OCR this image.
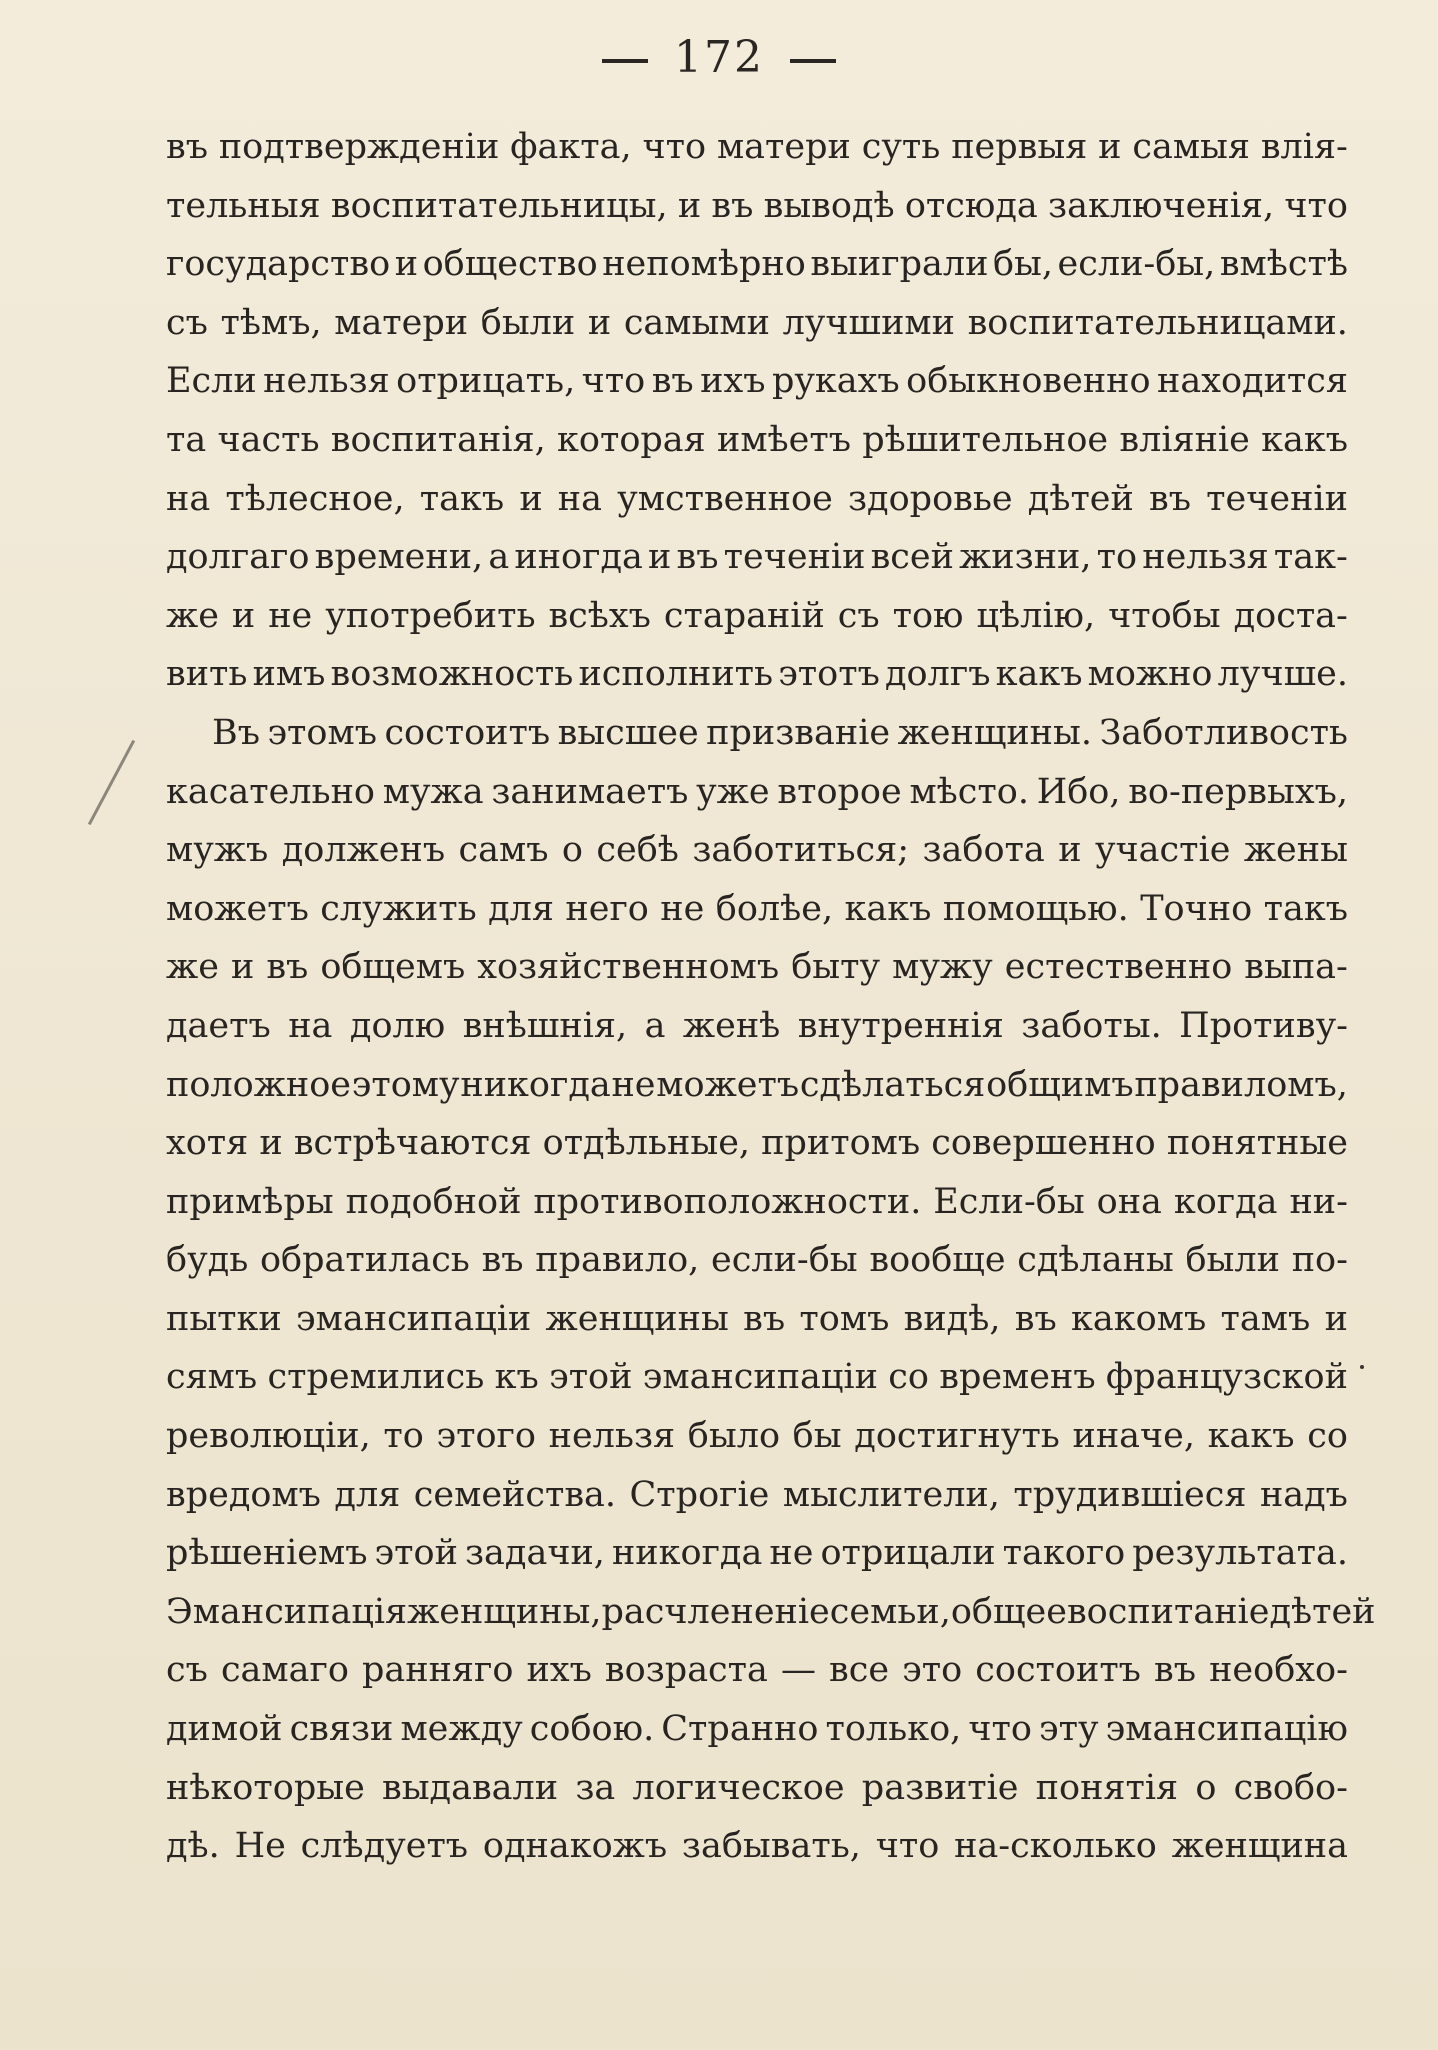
172
въ подтвержденіи факта, что матери суть первыя и самыя влія-
тельныя воспитательницы, и въ выводѣ отсюда заключенія, что
государство и общество непомѣрно выиграли бы, если-бы, вмѣстѣ
съ тѣмъ, матери были и самыми лучшими воспитательницами.
Если нельзя отрицать, что въ ихъ рукахъ обыкновенно находится
та часть воспитанія, которая имѣетъ рѣшительное вліяніе какъ
на тѣлесное, такъ и на умственное здоровье дѣтей въ теченіи
долгаго времени, а иногда и въ теченіи всей жизни, то нельзя так-
же и не употребить всѣхъ стараній съ тою цѣлію, чтобы доста-
вить имъ возможность исполнить этотъ долгъ какъ можно лучше.
Въ этомъ состоитъ высшее призваніе женщины. Заботливость
касательно мужа занимаетъ уже второе мѣсто. Ибо, во-первыхъ,
мужъ долженъ самъ о себѣ заботиться; забота и участіе жены
можетъ служить для него не болѣе, какъ помощью. Точно такъ
же и въ общемъ хозяйственномъ быту мужу естественно выпа-
даетъ на долю внѣшнія, а женѣ внутреннія заботы. Противу-
положное этому никогда не можетъ сдѣлаться общимъ правиломъ,
хотя и встрѣчаются отдѣльные, притомъ совершенно понятные
примѣры подобной противоположности. Если-бы она когда ни-
будь обратилась въ правило, если-бы вообще сдѣланы были по-
пытки эмансипаціи женщины въ томъ видѣ, въ какомъ тамъ и
сямъ стремились къ этой эмансипаціи со временъ французской
революціи, то этого нельзя было бы достигнуть иначе, какъ со
вредомъ для семейства. Строгіе мыслители, трудившіеся надъ
рѣшеніемъ этой задачи, никогда не отрицали такого результата.
Эмансипація женщины, расчлененіе семьи, общее воспитаніе дѣтей
съ самаго ранняго ихъ возраста — все это состоитъ въ необхо-
димой связи между собою. Странно только, что эту эмансипацію
нѣкоторые выдавали за логическое развитіе понятія о свобо-
дѣ. Не слѣдуетъ однакожъ забывать, что на-сколько женщина
